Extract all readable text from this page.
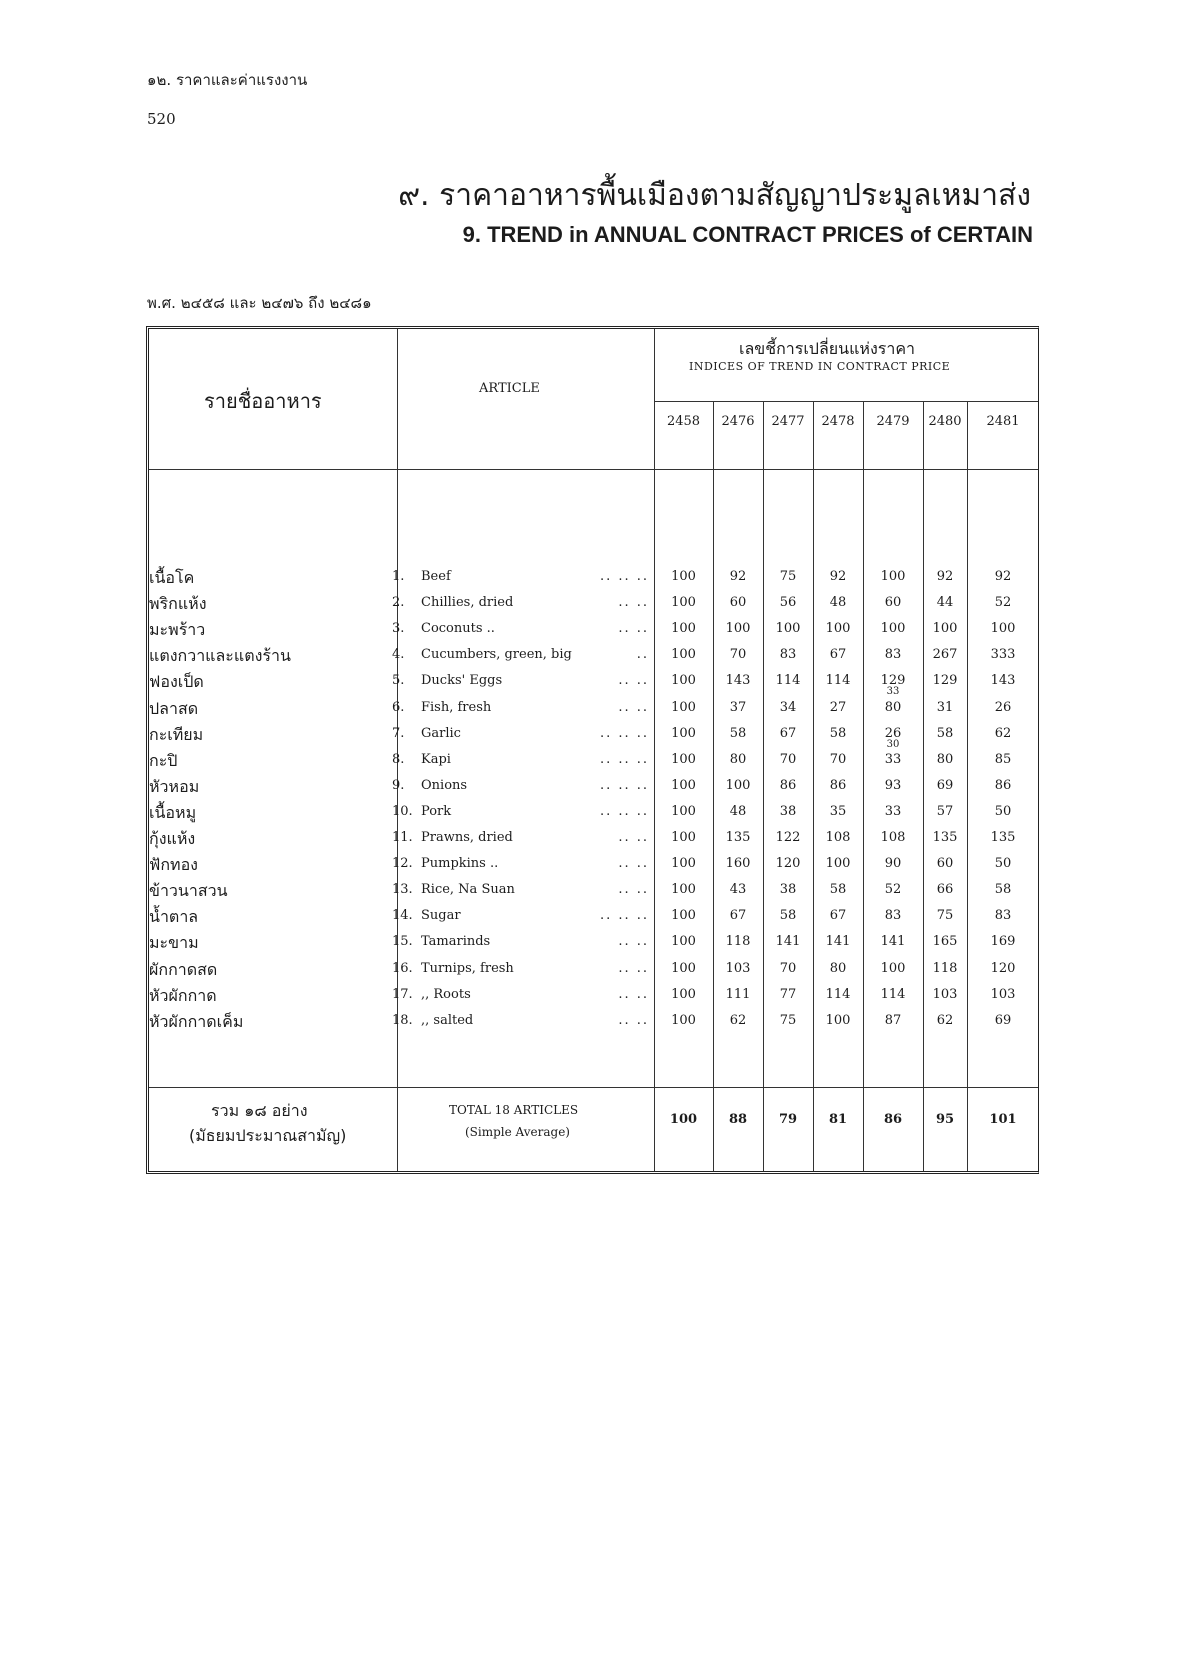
๑๒. ราคาและค่าแรงงาน
520
๙. ราคาอาหารพื้นเมืองตามสัญญาประมูลเหมาส่ง
9. TREND in ANNUAL CONTRACT PRICES of CERTAIN
พ.ศ. ๒๔๕๘ และ ๒๔๗๖ ถึง ๒๔๘๑
รายชื่ออาหาร
ARTICLE
เลขชี้การเปลี่ยนแห่งราคา
INDICES OF TREND IN CONTRACT PRICE
2458	2476	2477	2478	2479	2480	2481
เนื้อโค	1. Beef	.. .. ..	100	92	75	92	100	92	92
พริกแห้ง	2. Chillies, dried	.. ..	100	60	56	48	60	44	52
มะพร้าว	3. Coconuts ..	.. ..	100	100	100	100	100	100	100
แตงกวาและแตงร้าน	4. Cucumbers, green, big	..	100	70	83	67	83	267	333
ฟองเป็ด	5. Ducks' Eggs	.. ..	100	143	114	114	129	129	143
ปลาสด	6. Fish, fresh	.. ..	100	37	34	27	80	31	26
กะเทียม	7. Garlic	.. .. ..	100	58	67	58	26	58	62
กะปิ	8. Kapi	.. .. ..	100	80	70	70	33	80	85
หัวหอม	9. Onions	.. .. ..	100	100	86	86	93	69	86
เนื้อหมู	10. Pork	.. .. ..	100	48	38	35	33	57	50
กุ้งแห้ง	11. Prawns, dried	.. ..	100	135	122	108	108	135	135
ฟักทอง	12. Pumpkins ..	.. ..	100	160	120	100	90	60	50
ข้าวนาสวน	13. Rice, Na Suan	.. ..	100	43	38	58	52	66	58
น้ำตาล	14. Sugar	.. .. ..	100	67	58	67	83	75	83
มะขาม	15. Tamarinds	.. ..	100	118	141	141	141	165	169
ผักกาดสด	16. Turnips, fresh	.. ..	100	103	70	80	100	118	120
หัวผักกาด	17. ,, Roots	.. ..	100	111	77	114	114	103	103
หัวผักกาดเค็ม	18. ,, salted	.. ..	100	62	75	100	87	62	69
33
30
รวม ๑๘ อย่าง
(มัธยมประมาณสามัญ)
TOTAL 18 ARTICLES
(Simple Average)
100	88	79	81	86	95	101
